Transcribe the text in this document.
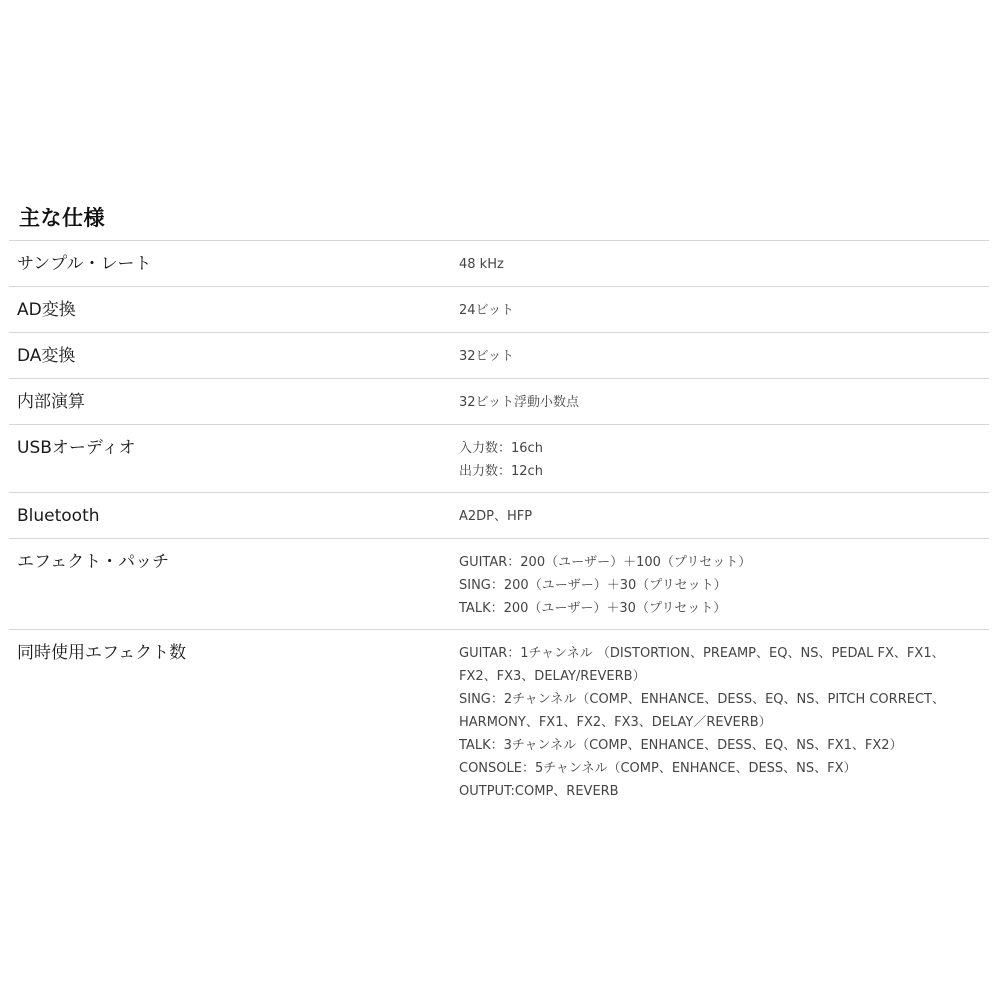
主な仕様
サンプル・レート	48 kHz
AD変換	24ビット
DA変換	32ビット
内部演算	32ビット浮動小数点
USBオーディオ	入力数：16ch
出力数：12ch
Bluetooth	A2DP、HFP
エフェクト・パッチ	GUITAR：200（ユーザー）＋100（プリセット）
SING：200（ユーザー）＋30（プリセット）
TALK：200（ユーザー）＋30（プリセット）
同時使用エフェクト数	GUITAR：1チャンネル （DISTORTION、PREAMP、EQ、NS、PEDAL FX、FX1、
FX2、FX3、DELAY/REVERB）
SING：2チャンネル（COMP、ENHANCE、DESS、EQ、NS、PITCH CORRECT、
HARMONY、FX1、FX2、FX3、DELAY／REVERB）
TALK：3チャンネル（COMP、ENHANCE、DESS、EQ、NS、FX1、FX2）
CONSOLE：5チャンネル（COMP、ENHANCE、DESS、NS、FX）
OUTPUT:COMP、REVERB
